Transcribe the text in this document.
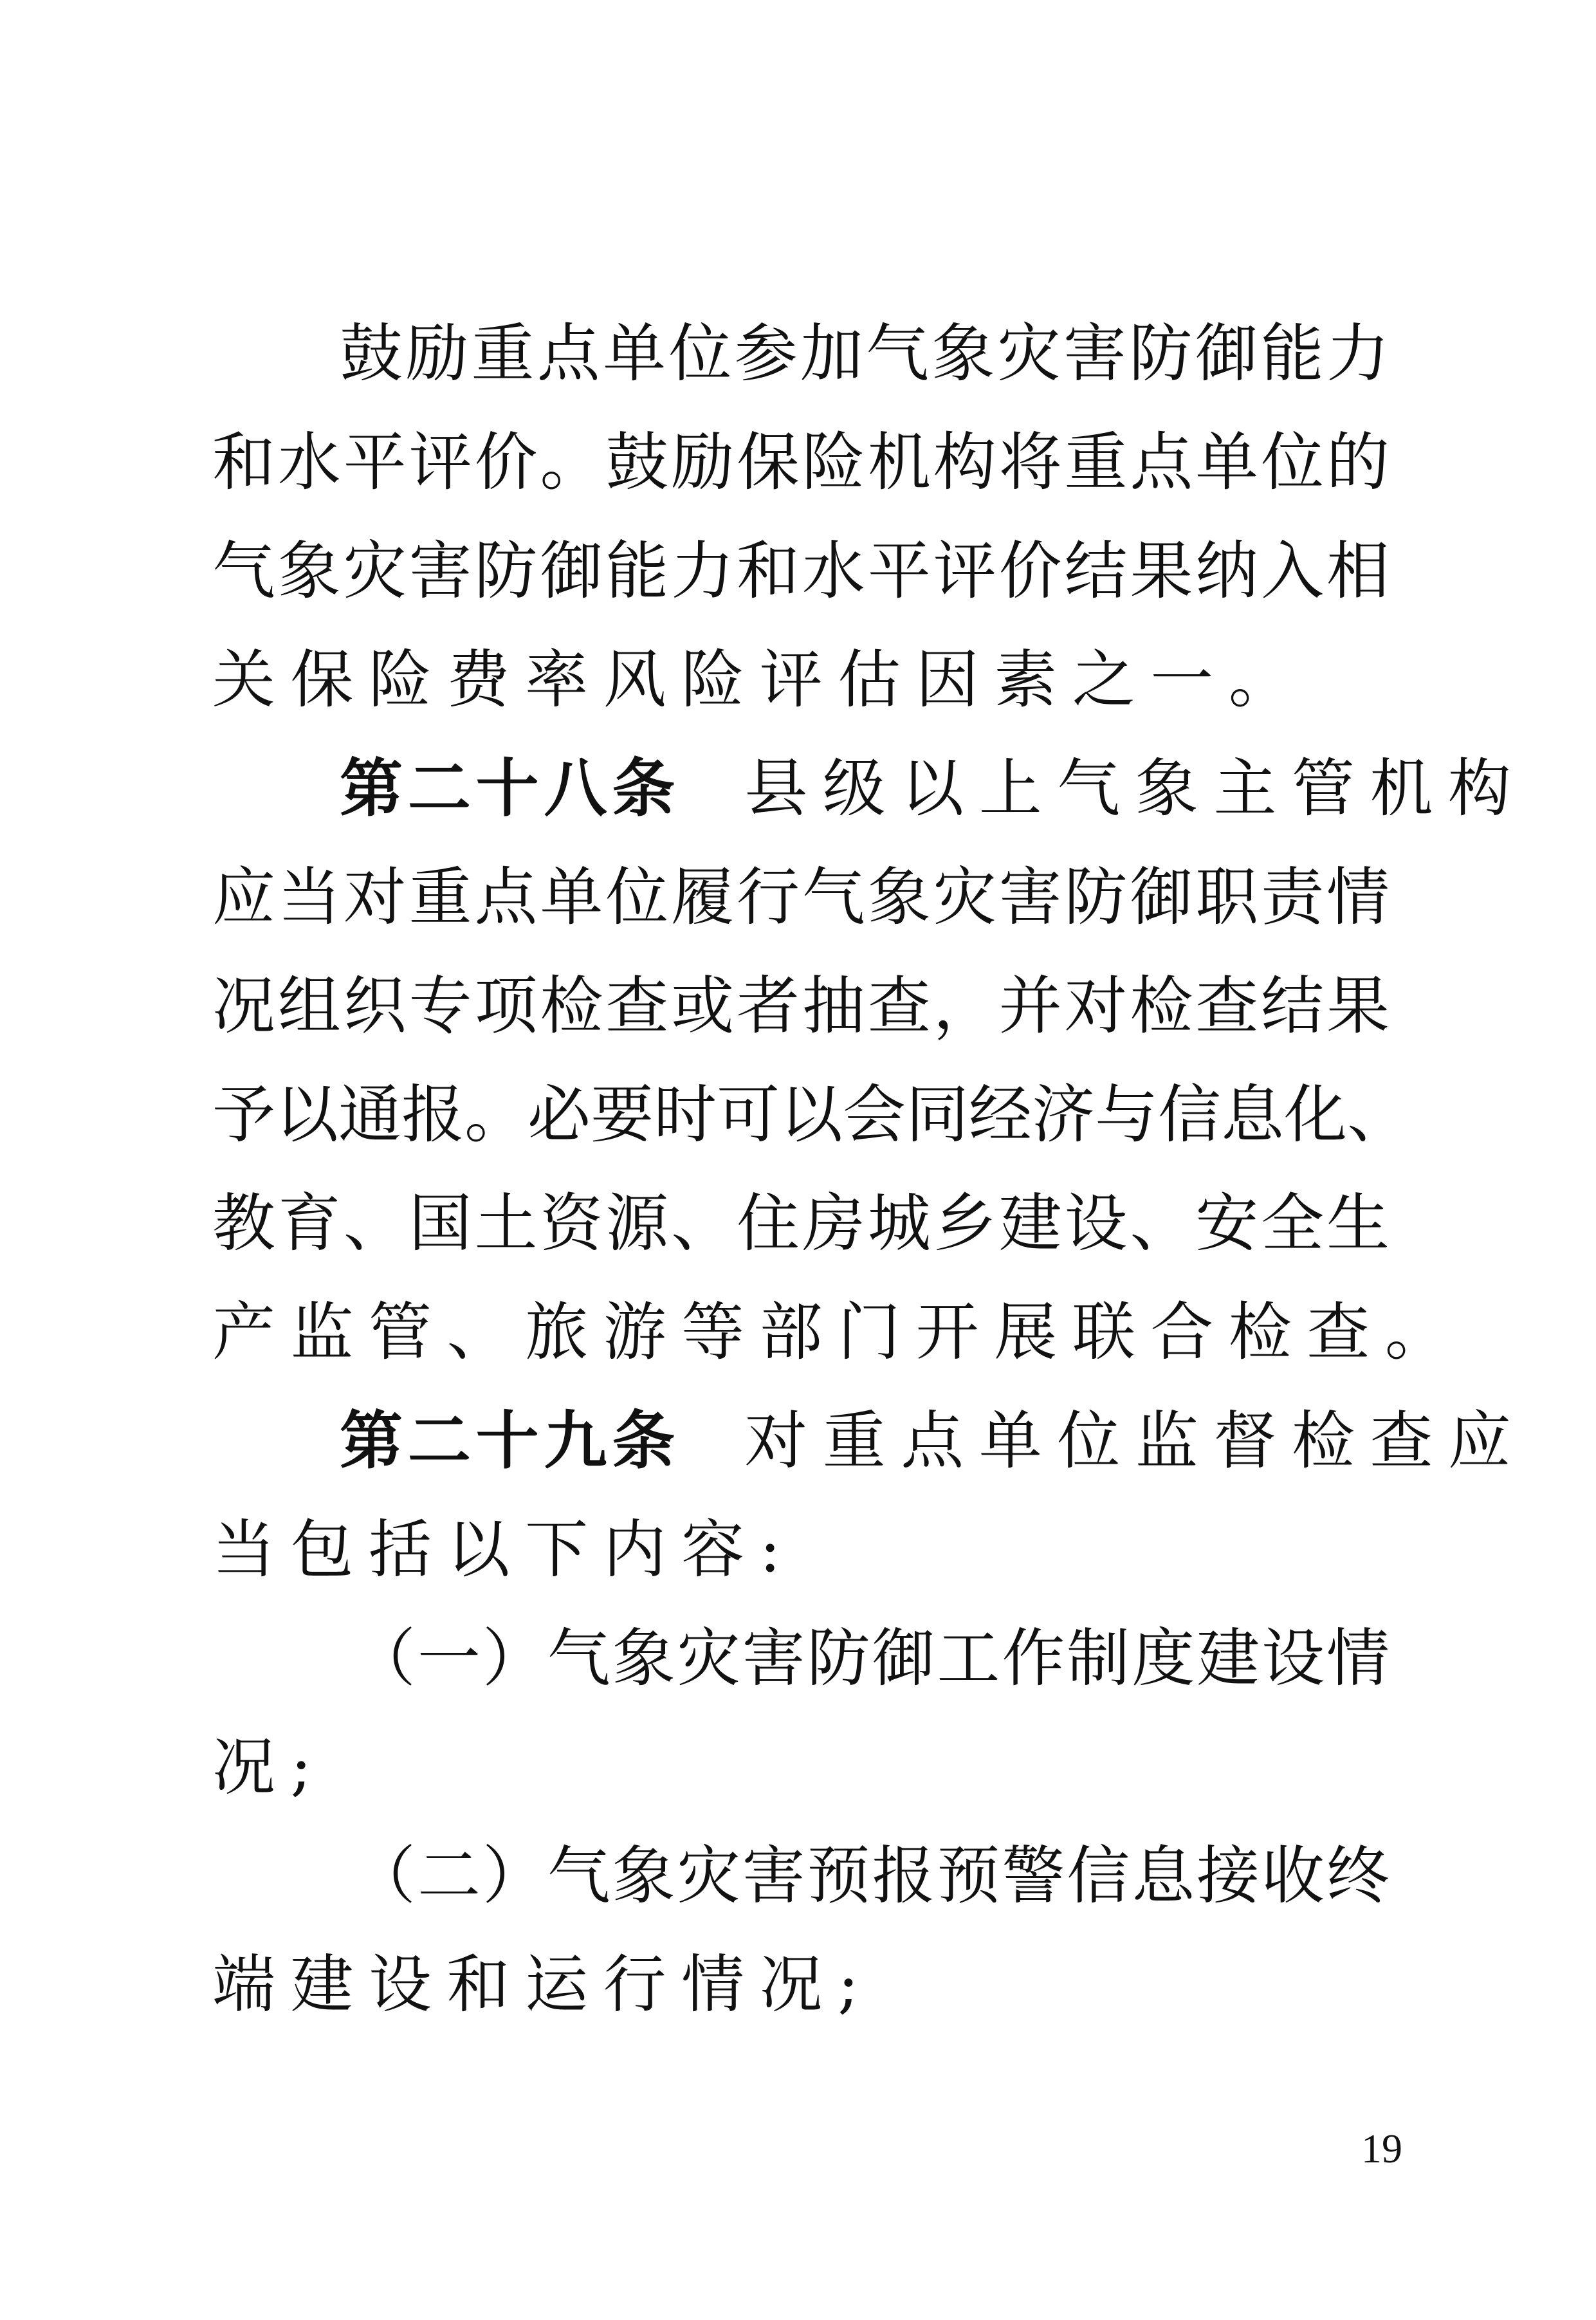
鼓励重点单位参加气象灾害防御能力
和水平评价。鼓励保险机构将重点单位的
气象灾害防御能力和水平评价结果纳入相
关保险费率风险评估因素之一。
第二十八条 县级以上气象主管机构
应当对重点单位履行气象灾害防御职责情
况组织专项检查或者抽查，并对检查结果
予以通报。必要时可以会同经济与信息化、
教育、国土资源、住房城乡建设、安全生
产监管、旅游等部门开展联合检查。
第二十九条 对重点单位监督检查应
当包括以下内容:
（一）气象灾害防御工作制度建设情
况;
（二）气象灾害预报预警信息接收终
端建设和运行情况;
19
